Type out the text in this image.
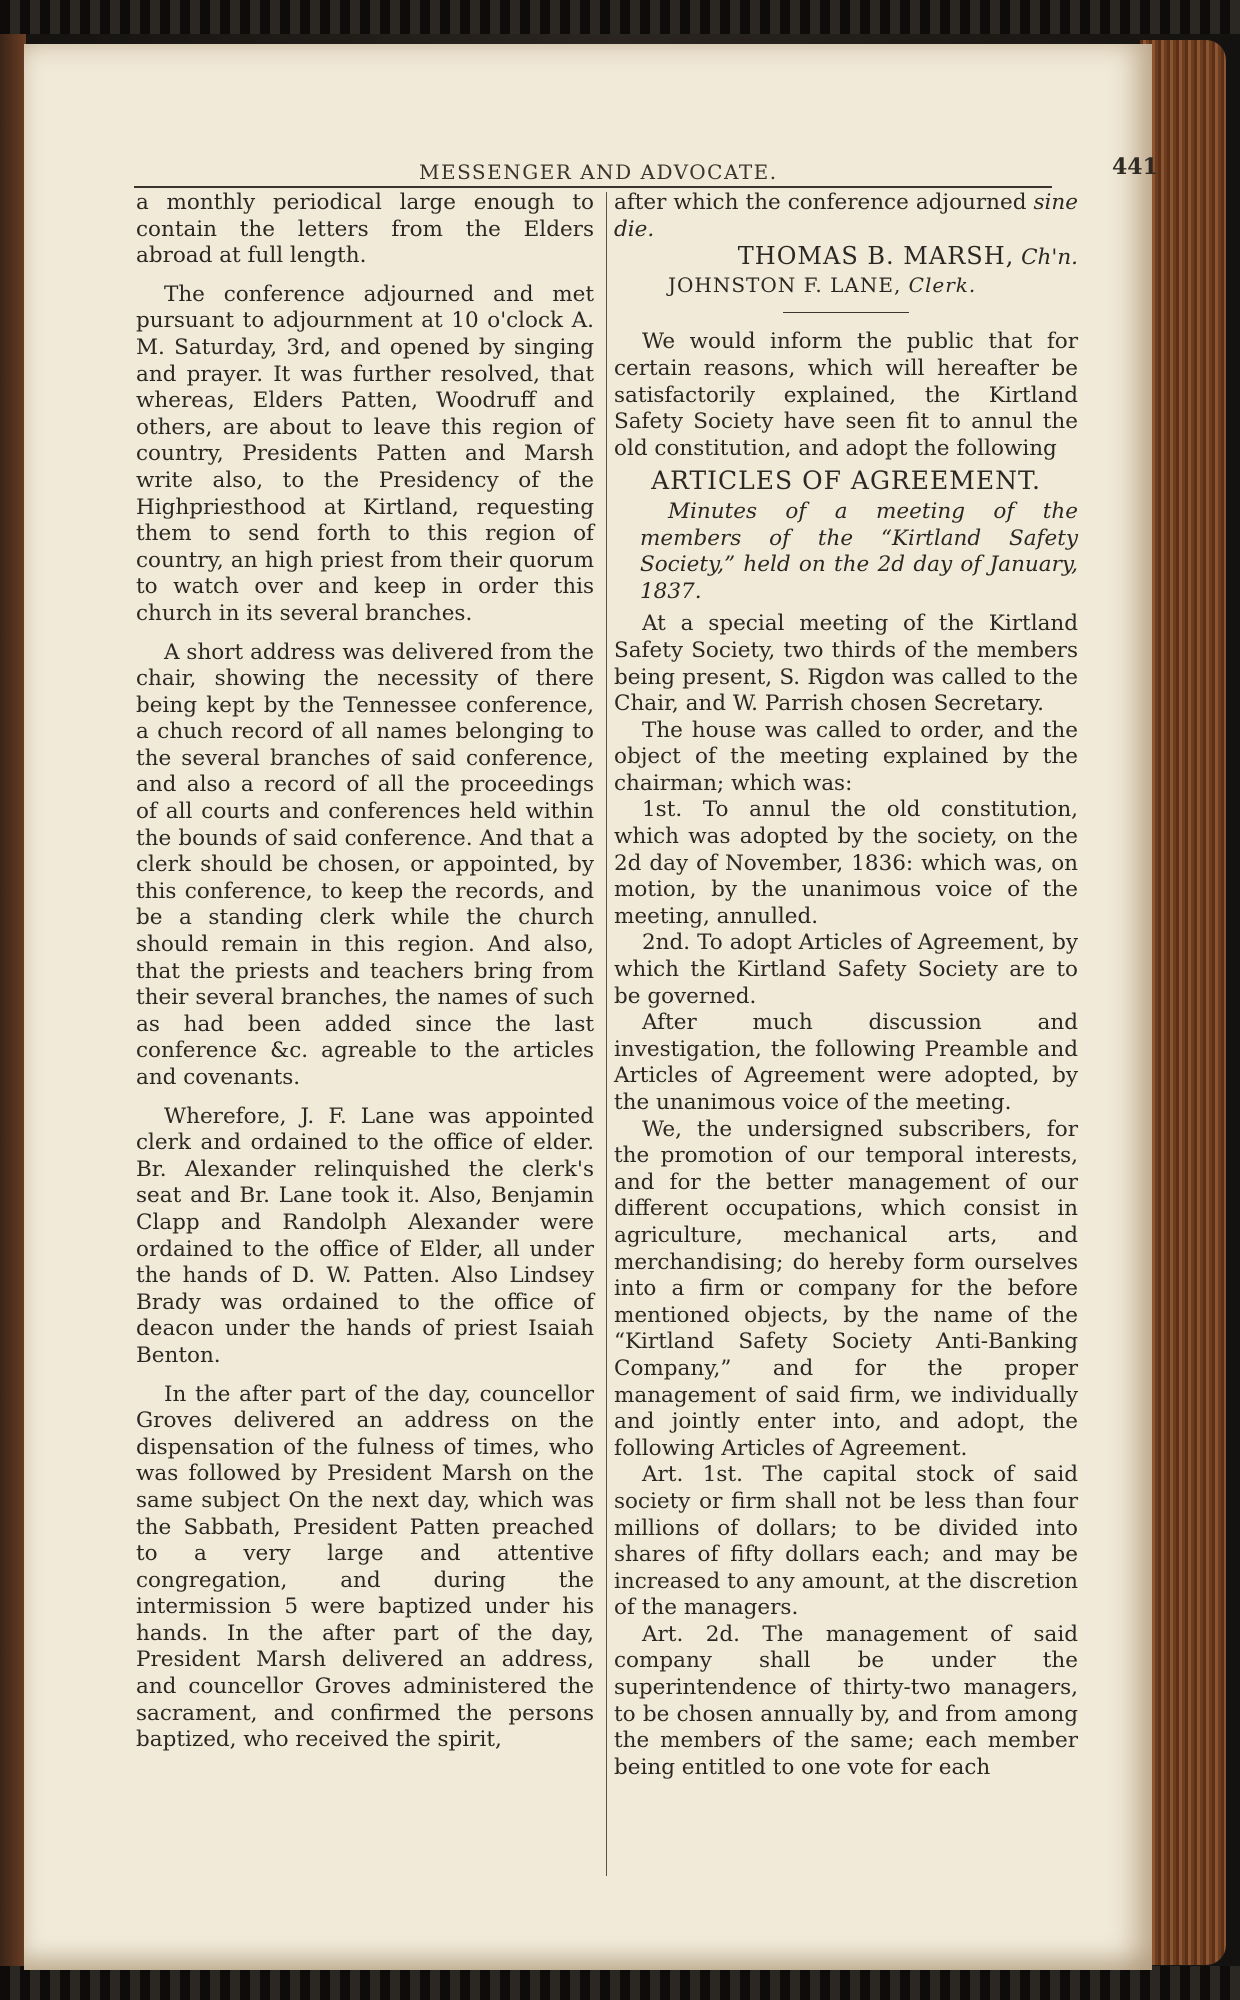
MESSENGER AND ADVOCATE.	441

a monthly periodical large enough to contain the letters from the Elders abroad at full length.

The conference adjourned and met pursuant to adjournment at 10 o'clock A. M. Saturday, 3rd, and opened by singing and prayer. It was further resolved, that whereas, Elders Patten, Woodruff and others, are about to leave this region of country, Presidents Patten and Marsh write also, to the Presidency of the Highpriesthood at Kirtland, requesting them to send forth to this region of country, an high priest from their quorum to watch over and keep in order this church in its several branches.

A short address was delivered from the chair, showing the necessity of there being kept by the Tennessee conference, a chuch record of all names belonging to the several branches of said conference, and also a record of all the proceedings of all courts and conferences held within the bounds of said conference. And that a clerk should be chosen, or appointed, by this conference, to keep the records, and be a standing clerk while the church should remain in this region. And also, that the priests and teachers bring from their several branches, the names of such as had been added since the last conference &c. agreable to the articles and covenants.

Wherefore, J. F. Lane was appointed clerk and ordained to the office of elder. Br. Alexander relinquished the clerk's seat and Br. Lane took it. Also, Benjamin Clapp and Randolph Alexander were ordained to the office of Elder, all under the hands of D. W. Patten. Also Lindsey Brady was ordained to the office of deacon under the hands of priest Isaiah Benton.

In the after part of the day, councellor Groves delivered an address on the dispensation of the fulness of times, who was followed by President Marsh on the same subject On the next day, which was the Sabbath, President Patten preached to a very large and attentive congregation, and during the intermission 5 were baptized under his hands. In the after part of the day, President Marsh delivered an address, and councellor Groves administered the sacrament, and confirmed the persons baptized, who received the spirit,

after which the conference adjourned sine die.

THOMAS B. MARSH, Ch'n.

JOHNSTON F. LANE, Clerk.

We would inform the public that for certain reasons, which will hereafter be satisfactorily explained, the Kirtland Safety Society have seen fit to annul the old constitution, and adopt the following

ARTICLES OF AGREEMENT.

Minutes of a meeting of the members of the “Kirtland Safety Society,” held on the 2d day of January, 1837.

At a special meeting of the Kirtland Safety Society, two thirds of the members being present, S. Rigdon was called to the Chair, and W. Parrish chosen Secretary.

The house was called to order, and the object of the meeting explained by the chairman; which was:

1st. To annul the old constitution, which was adopted by the society, on the 2d day of November, 1836: which was, on motion, by the unanimous voice of the meeting, annulled.

2nd. To adopt Articles of Agreement, by which the Kirtland Safety Society are to be governed.

After much discussion and investigation, the following Preamble and Articles of Agreement were adopted, by the unanimous voice of the meeting.

We, the undersigned subscribers, for the promotion of our temporal interests, and for the better management of our different occupations, which consist in agriculture, mechanical arts, and merchandising; do hereby form ourselves into a firm or company for the before mentioned objects, by the name of the “Kirtland Safety Society Anti-Banking Company,” and for the proper management of said firm, we individually and jointly enter into, and adopt, the following Articles of Agreement.

Art. 1st. The capital stock of said society or firm shall not be less than four millions of dollars; to be divided into shares of fifty dollars each; and may be increased to any amount, at the discretion of the managers.

Art. 2d. The management of said company shall be under the superintendence of thirty-two managers, to be chosen annually by, and from among the members of the same; each member being entitled to one vote for each
